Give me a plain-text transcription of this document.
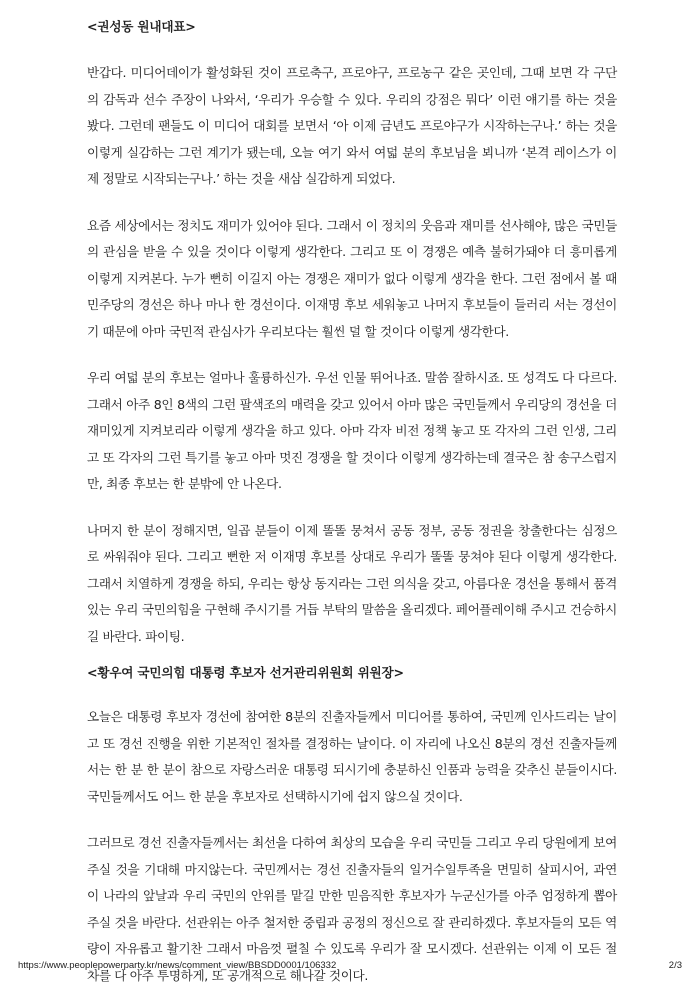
<권성동 원내대표>

반갑다. 미디어데이가 활성화된 것이 프로축구, 프로야구, 프로농구 같은 곳인데, 그때 보면 각 구단의 감독과 선수 주장이 나와서, ‘우리가 우승할 수 있다. 우리의 강점은 뭐다’ 이런 얘기를 하는 것을 봤다. 그런데 팬들도 이 미디어 대회를 보면서 ‘아 이제 금년도 프로야구가 시작하는구나.’ 하는 것을 이렇게 실감하는 그런 계기가 됐는데, 오늘 여기 와서 여덟 분의 후보님을 뵈니까 ‘본격 레이스가 이제 정말로 시작되는구나.’ 하는 것을 새삼 실감하게 되었다.

요즘 세상에서는 정치도 재미가 있어야 된다. 그래서 이 정치의 웃음과 재미를 선사해야, 많은 국민들의 관심을 받을 수 있을 것이다 이렇게 생각한다. 그리고 또 이 경쟁은 예측 불허가돼야 더 흥미롭게 이렇게 지켜본다. 누가 뻔히 이길지 아는 경쟁은 재미가 없다 이렇게 생각을 한다. 그런 점에서 볼 때 민주당의 경선은 하나 마나 한 경선이다. 이재명 후보 세워놓고 나머지 후보들이 들러리 서는 경선이기 때문에 아마 국민적 관심사가 우리보다는 훨씬 덜 할 것이다 이렇게 생각한다.

우리 여덟 분의 후보는 얼마나 훌륭하신가. 우선 인물 뛰어나죠. 말씀 잘하시죠. 또 성격도 다 다르다. 그래서 아주 8인 8색의 그런 팔색조의 매력을 갖고 있어서 아마 많은 국민들께서 우리당의 경선을 더 재미있게 지켜보리라 이렇게 생각을 하고 있다. 아마 각자 비전 정책 놓고 또 각자의 그런 인생, 그리고 또 각자의 그런 특기를 놓고 아마 멋진 경쟁을 할 것이다 이렇게 생각하는데 결국은 참 송구스럽지만, 최종 후보는 한 분밖에 안 나온다.

나머지 한 분이 정해지면, 일곱 분들이 이제 똘똘 뭉쳐서 공동 정부, 공동 정권을 창출한다는 심정으로 싸워줘야 된다. 그리고 뻔한 저 이재명 후보를 상대로 우리가 똘똘 뭉쳐야 된다 이렇게 생각한다. 그래서 치열하게 경쟁을 하되, 우리는 항상 동지라는 그런 의식을 갖고, 아름다운 경선을 통해서 품격 있는 우리 국민의힘을 구현해 주시기를 거듭 부탁의 말씀을 올리겠다. 페어플레이해 주시고 건승하시길 바란다. 파이팅.

<황우여 국민의힘 대통령 후보자 선거관리위원회 위원장>

오늘은 대통령 후보자 경선에 참여한 8분의 진출자들께서 미디어를 통하여, 국민께 인사드리는 날이고 또 경선 진행을 위한 기본적인 절차를 결정하는 날이다. 이 자리에 나오신 8분의 경선 진출자들께서는 한 분 한 분이 참으로 자랑스러운 대통령 되시기에 충분하신 인품과 능력을 갖추신 분들이시다. 국민들께서도 어느 한 분을 후보자로 선택하시기에 쉽지 않으실 것이다.

그러므로 경선 진출자들께서는 최선을 다하여 최상의 모습을 우리 국민들 그리고 우리 당원에게 보여주실 것을 기대해 마지않는다. 국민께서는 경선 진출자들의 일거수일투족을 면밀히 살피시어, 과연 이 나라의 앞날과 우리 국민의 안위를 맡길 만한 믿음직한 후보자가 누군신가를 아주 엄정하게 뽑아주실 것을 바란다. 선관위는 아주 철저한 중립과 공정의 정신으로 잘 관리하겠다. 후보자들의 모든 역량이 자유롭고 활기찬 그래서 마음껏 펼칠 수 있도록 우리가 잘 모시겠다. 선관위는 이제 이 모든 절차를 다 아주 투명하게, 또 공개적으로 해나갈 것이다.

https://www.peoplepowerparty.kr/news/comment_view/BBSDD0001/106332	2/3
